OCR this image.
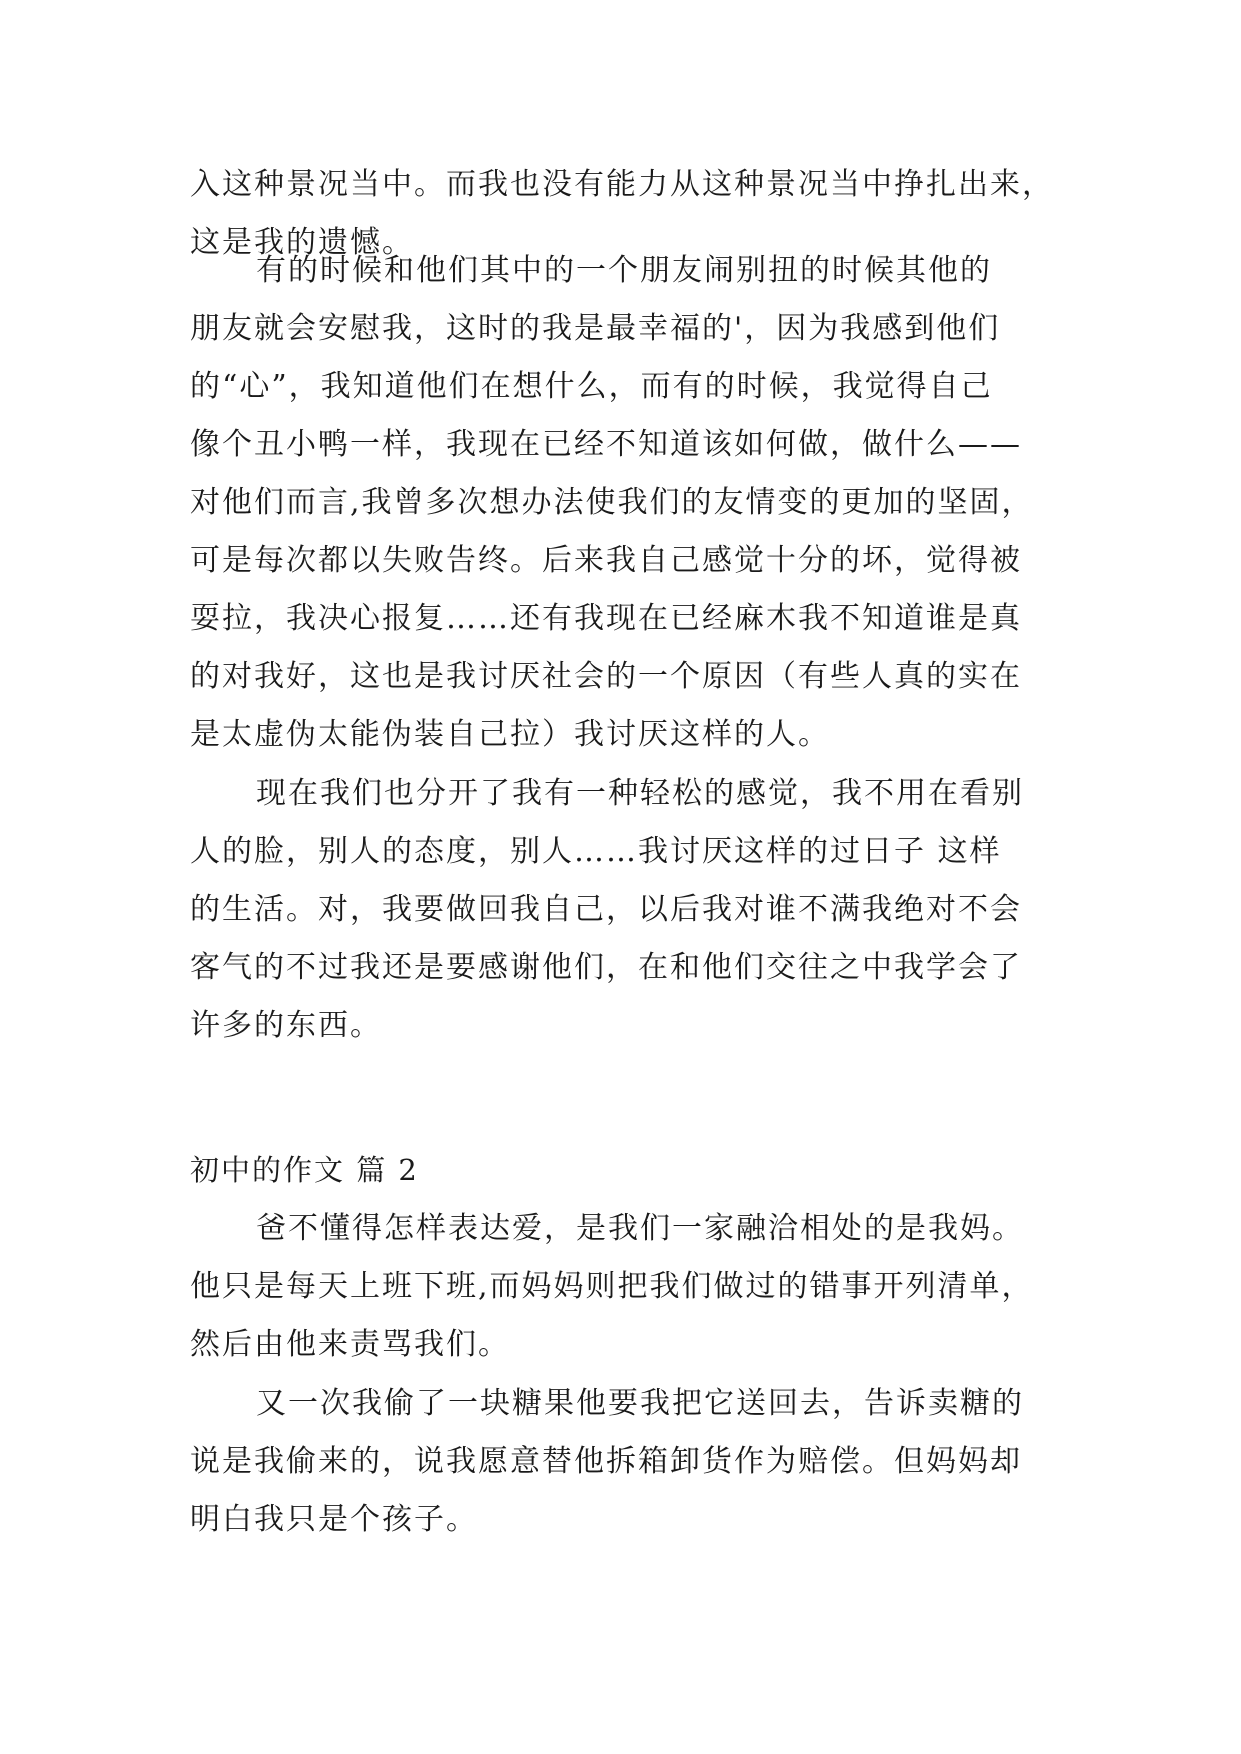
入这种景况当中。而我也没有能力从这种景况当中挣扎出来，
这是我的遗憾。
有的时候和他们其中的一个朋友闹别扭的时候其他的
朋友就会安慰我，这时的我是最幸福的'，因为我感到他们
的“心”，我知道他们在想什么，而有的时候，我觉得自己
像个丑小鸭一样，我现在已经不知道该如何做，做什么——
对他们而言,我曾多次想办法使我们的友情变的更加的坚固，
可是每次都以失败告终。后来我自己感觉十分的坏，觉得被
耍拉，我决心报复……还有我现在已经麻木我不知道谁是真
的对我好，这也是我讨厌社会的一个原因（有些人真的实在
是太虚伪太能伪装自己拉）我讨厌这样的人。
现在我们也分开了我有一种轻松的感觉，我不用在看别
人的脸，别人的态度，别人……我讨厌这样的过日子 这样
的生活。对，我要做回我自己，以后我对谁不满我绝对不会
客气的不过我还是要感谢他们，在和他们交往之中我学会了
许多的东西。
初中的作文 篇 2
爸不懂得怎样表达爱，是我们一家融洽相处的是我妈。
他只是每天上班下班,而妈妈则把我们做过的错事开列清单，
然后由他来责骂我们。
又一次我偷了一块糖果他要我把它送回去，告诉卖糖的
说是我偷来的，说我愿意替他拆箱卸货作为赔偿。但妈妈却
明白我只是个孩子。
